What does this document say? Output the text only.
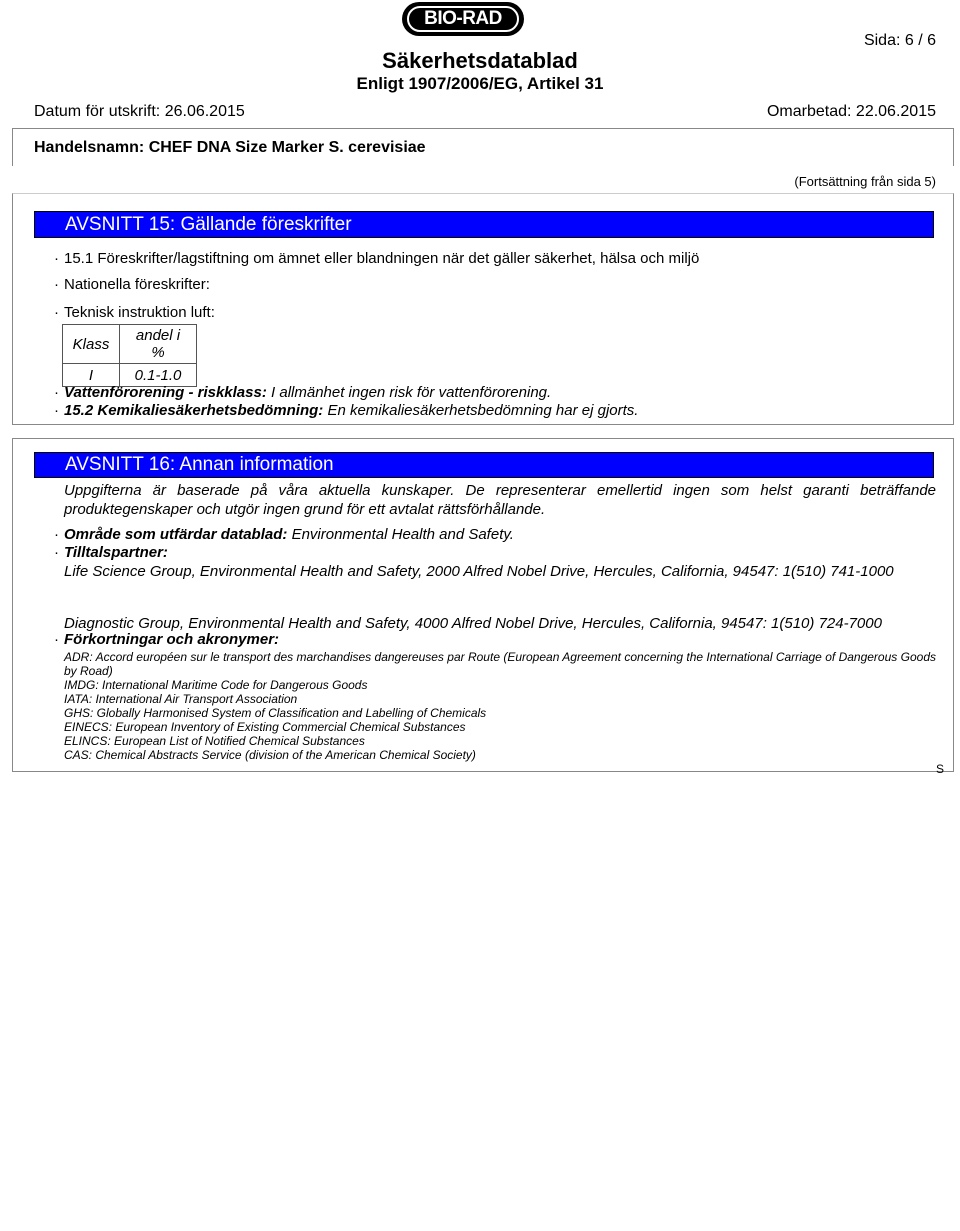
BIO-RAD
Sida: 6 / 6
Säkerhetsdatablad
Enligt 1907/2006/EG, Artikel 31
Datum för utskrift: 26.06.2015	Omarbetad: 22.06.2015
Handelsnamn: CHEF DNA Size Marker S. cerevisiae
(Fortsättning från sida 5)
AVSNITT 15: Gällande föreskrifter
· 15.1 Föreskrifter/lagstiftning om ämnet eller blandningen när det gäller säkerhet, hälsa och miljö
· Nationella föreskrifter:
· Teknisk instruktion luft:
Klass	andel i %
I	0.1-1.0
· Vattenförorening - riskklass: I allmänhet ingen risk för vattenförorening.
· 15.2 Kemikaliesäkerhetsbedömning: En kemikaliesäkerhetsbedömning har ej gjorts.
AVSNITT 16: Annan information
Uppgifterna är baserade på våra aktuella kunskaper. De representerar emellertid ingen som helst garanti beträffande produktegenskaper och utgör ingen grund för ett avtalat rättsförhållande.
· Område som utfärdar datablad: Environmental Health and Safety.
· Tilltalspartner:
Life Science Group, Environmental Health and Safety, 2000 Alfred Nobel Drive, Hercules, California, 94547: 1(510) 741-1000
Diagnostic Group, Environmental Health and Safety, 4000 Alfred Nobel Drive, Hercules, California, 94547: 1(510) 724-7000
· Förkortningar och akronymer:
ADR: Accord européen sur le transport des marchandises dangereuses par Route (European Agreement concerning the International Carriage of Dangerous Goods by Road)
IMDG: International Maritime Code for Dangerous Goods
IATA: International Air Transport Association
GHS: Globally Harmonised System of Classification and Labelling of Chemicals
EINECS: European Inventory of Existing Commercial Chemical Substances
ELINCS: European List of Notified Chemical Substances
CAS: Chemical Abstracts Service (division of the American Chemical Society)
S
